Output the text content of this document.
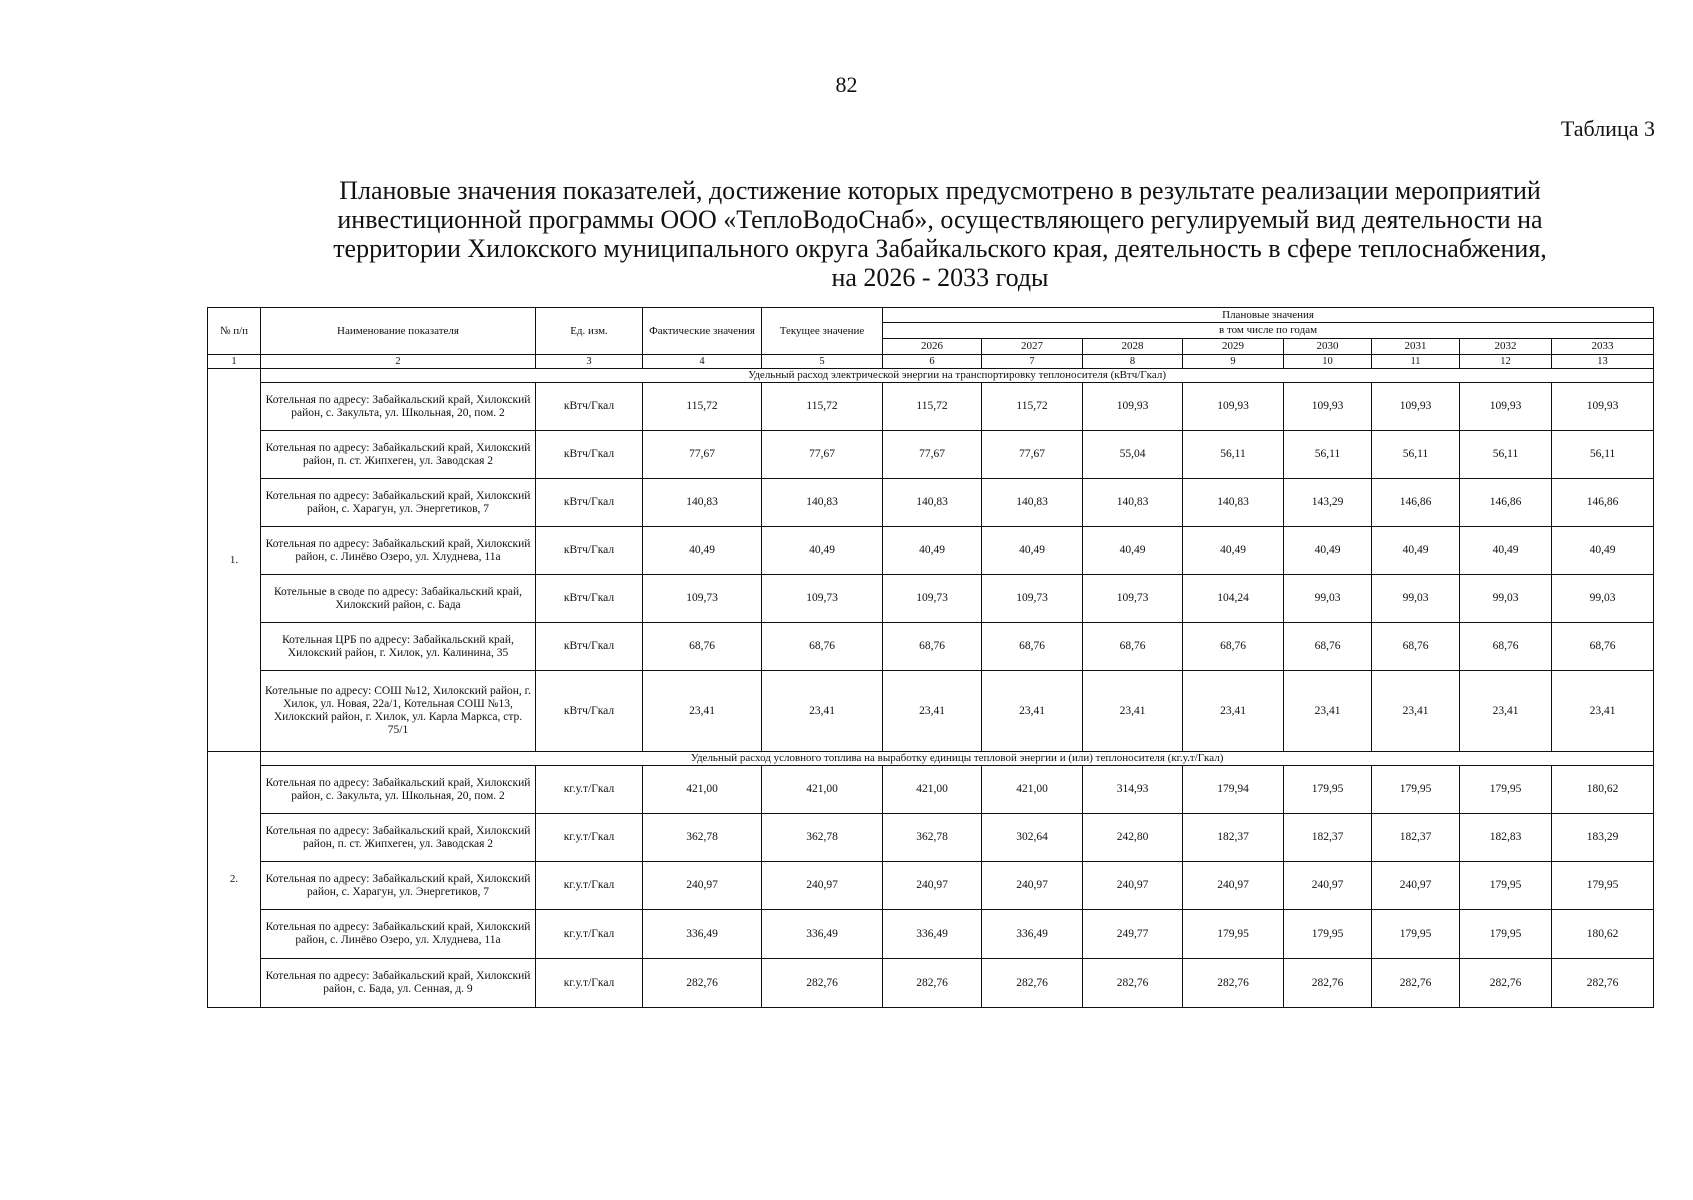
82
Таблица 3
Плановые значения показателей, достижение которых предусмотрено в результате реализации мероприятий
инвестиционной программы ООО «ТеплоВодоСнаб», осуществляющего регулируемый вид деятельности на
территории Хилокского муниципального округа Забайкальского края, деятельность в сфере теплоснабжения,
на 2026 - 2033 годы
№ п/п	Наименование показателя	Ед. изм.	Фактические значения	Текущее значение	Плановые значения							
					в том числе по годам							
					2026	2027	2028	2029	2030	2031	2032	2033
1	2	3	4	5	6	7	8	9	10	11	12	13
1.	Удельный расход электрической энергии на транспортировку теплоносителя (кВтч/Гкал)											
	Котельная по адресу: Забайкальский край, Хилокский район, с. Закульта, ул. Школьная, 20, пом. 2	кВтч/Гкал	115,72	115,72	115,72	115,72	109,93	109,93	109,93	109,93	109,93	109,93
	Котельная по адресу: Забайкальский край, Хилокский район, п. ст. Жипхеген, ул. Заводская 2	кВтч/Гкал	77,67	77,67	77,67	77,67	55,04	56,11	56,11	56,11	56,11	56,11
	Котельная по адресу: Забайкальский край, Хилокский район, с. Харагун, ул. Энергетиков, 7	кВтч/Гкал	140,83	140,83	140,83	140,83	140,83	140,83	143,29	146,86	146,86	146,86
	Котельная по адресу: Забайкальский край, Хилокский район, с. Линёво Озеро, ул. Хлуднева, 11а	кВтч/Гкал	40,49	40,49	40,49	40,49	40,49	40,49	40,49	40,49	40,49	40,49
	Котельные в своде по адресу: Забайкальский край, Хилокский район, с. Бада	кВтч/Гкал	109,73	109,73	109,73	109,73	109,73	104,24	99,03	99,03	99,03	99,03
	Котельная ЦРБ по адресу: Забайкальский край, Хилокский район, г. Хилок, ул. Калинина, 35	кВтч/Гкал	68,76	68,76	68,76	68,76	68,76	68,76	68,76	68,76	68,76	68,76
	Котельные по адресу: СОШ №12, Хилокский район, г. Хилок, ул. Новая, 22а/1, Котельная СОШ №13, Хилокский район, г. Хилок, ул. Карла Маркса, стр. 75/1	кВтч/Гкал	23,41	23,41	23,41	23,41	23,41	23,41	23,41	23,41	23,41	23,41
2.	Удельный расход условного топлива на выработку единицы тепловой энергии и (или) теплоносителя (кг.у.т/Гкал)											
	Котельная по адресу: Забайкальский край, Хилокский район, с. Закульта, ул. Школьная, 20, пом. 2	кг.у.т/Гкал	421,00	421,00	421,00	421,00	314,93	179,94	179,95	179,95	179,95	180,62
	Котельная по адресу: Забайкальский край, Хилокский район, п. ст. Жипхеген, ул. Заводская 2	кг.у.т/Гкал	362,78	362,78	362,78	302,64	242,80	182,37	182,37	182,37	182,83	183,29
	Котельная по адресу: Забайкальский край, Хилокский район, с. Харагун, ул. Энергетиков, 7	кг.у.т/Гкал	240,97	240,97	240,97	240,97	240,97	240,97	240,97	240,97	179,95	179,95
	Котельная по адресу: Забайкальский край, Хилокский район, с. Линёво Озеро, ул. Хлуднева, 11а	кг.у.т/Гкал	336,49	336,49	336,49	336,49	249,77	179,95	179,95	179,95	179,95	180,62
	Котельная по адресу: Забайкальский край, Хилокский район, с. Бада, ул. Сенная, д. 9	кг.у.т/Гкал	282,76	282,76	282,76	282,76	282,76	282,76	282,76	282,76	282,76	282,76
